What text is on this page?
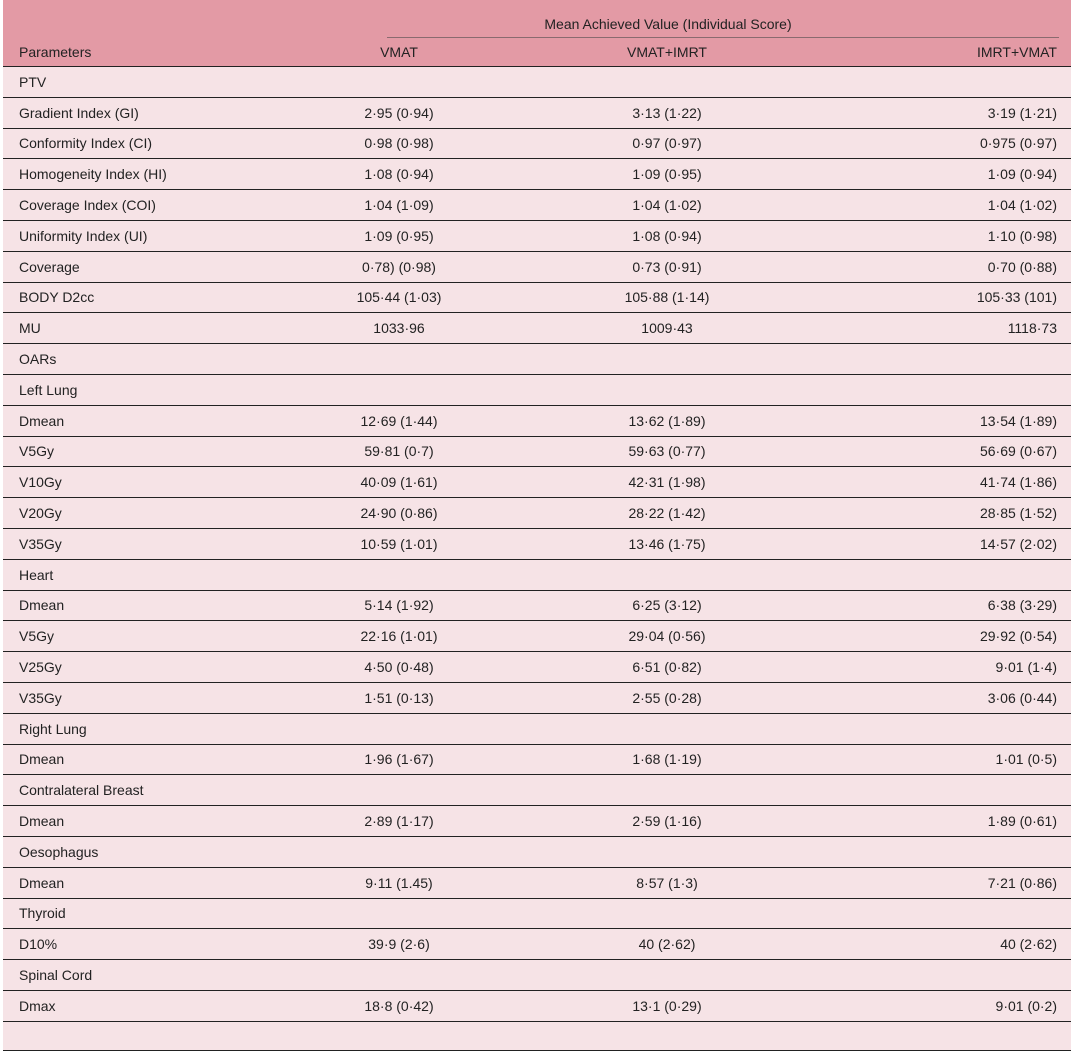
	Mean Achieved Value (Individual Score)		

Parameters	VMAT	VMAT+IMRT	IMRT+VMAT
PTV			
Gradient Index (GI)	2·95 (0·94)	3·13 (1·22)	3·19 (1·21)
Conformity Index (CI)	0·98 (0·98)	0·97 (0·97)	0·975 (0·97)
Homogeneity Index (HI)	1·08 (0·94)	1·09 (0·95)	1·09 (0·94)
Coverage Index (COI)	1·04 (1·09)	1·04 (1·02)	1·04 (1·02)
Uniformity Index (UI)	1·09 (0·95)	1·08 (0·94)	1·10 (0·98)
Coverage	0·78) (0·98)	0·73 (0·91)	0·70 (0·88)
BODY D2cc	105·44 (1·03)	105·88 (1·14)	105·33 (101)
MU	1033·96	1009·43	1118·73
OARs			
Left Lung			
Dmean	12·69 (1·44)	13·62 (1·89)	13·54 (1·89)
V5Gy	59·81 (0·7)	59·63 (0·77)	56·69 (0·67)
V10Gy	40·09 (1·61)	42·31 (1·98)	41·74 (1·86)
V20Gy	24·90 (0·86)	28·22 (1·42)	28·85 (1·52)
V35Gy	10·59 (1·01)	13·46 (1·75)	14·57 (2·02)
Heart			
Dmean	5·14 (1·92)	6·25 (3·12)	6·38 (3·29)
V5Gy	22·16 (1·01)	29·04 (0·56)	29·92 (0·54)
V25Gy	4·50 (0·48)	6·51 (0·82)	9·01 (1·4)
V35Gy	1·51 (0·13)	2·55 (0·28)	3·06 (0·44)
Right Lung			
Dmean	1·96 (1·67)	1·68 (1·19)	1·01 (0·5)
Contralateral Breast			
Dmean	2·89 (1·17)	2·59 (1·16)	1·89 (0·61)
Oesophagus			
Dmean	9·11 (1.45)	8·57 (1·3)	7·21 (0·86)
Thyroid			
D10%	39·9 (2·6)	40 (2·62)	40 (2·62)
Spinal Cord			
Dmax	18·8 (0·42)	13·1 (0·29)	9·01 (0·2)
